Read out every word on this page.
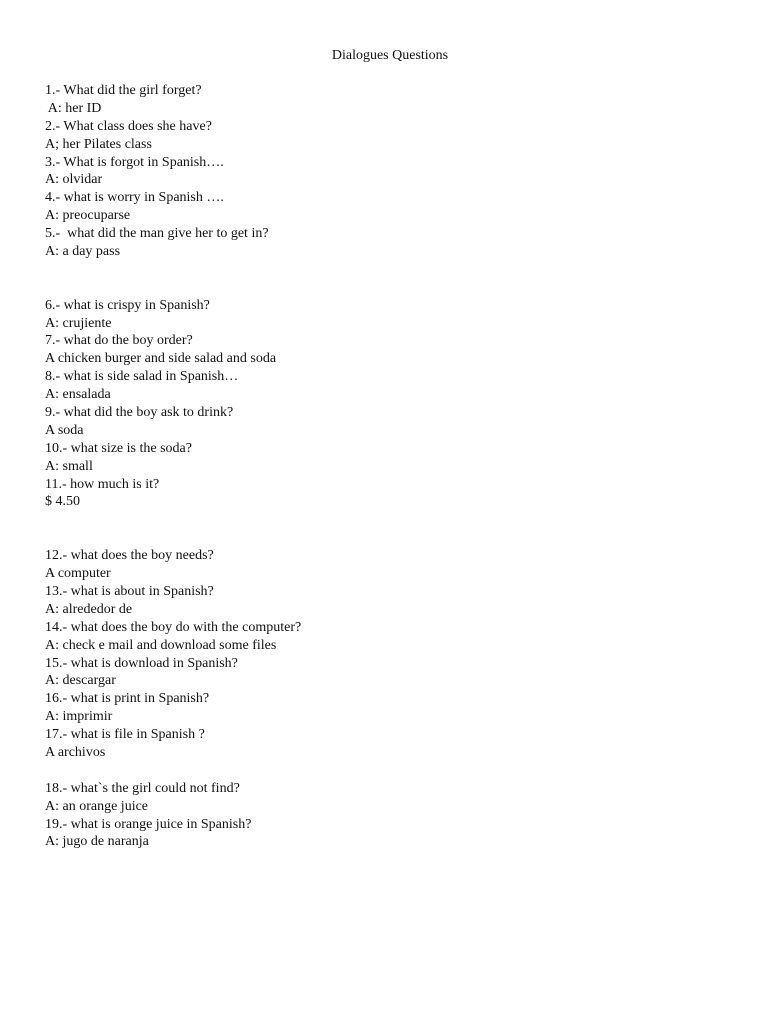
Dialogues Questions
1.- What did the girl forget?
A: her ID
2.- What class does she have?
A; her Pilates class
3.- What is forgot in Spanish….
A: olvidar
4.- what is worry in Spanish ….
A: preocuparse
5.-  what did the man give her to get in?
A: a day pass
6.- what is crispy in Spanish?
A: crujiente
7.- what do the boy order?
A chicken burger and side salad and soda
8.- what is side salad in Spanish…
A: ensalada
9.- what did the boy ask to drink?
A soda
10.- what size is the soda?
A: small
11.- how much is it?
$ 4.50
12.- what does the boy needs?
A computer
13.- what is about in Spanish?
A: alrededor de
14.- what does the boy do with the computer?
A: check e mail and download some files
15.- what is download in Spanish?
A: descargar
16.- what is print in Spanish?
A: imprimir
17.- what is file in Spanish ?
A archivos
18.- what`s the girl could not find?
A: an orange juice
19.- what is orange juice in Spanish?
A: jugo de naranja
